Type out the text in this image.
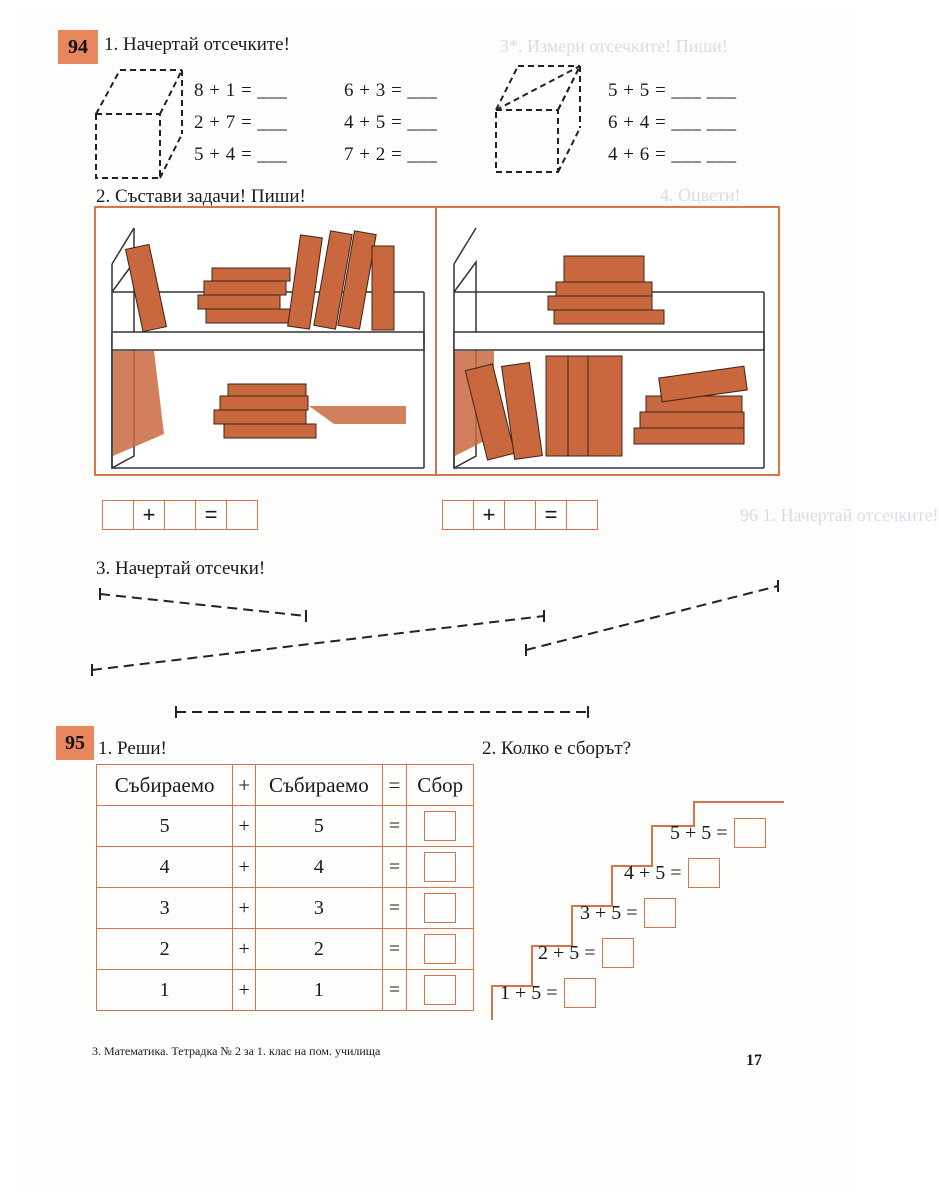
3*. Измери отсечките! Пиши!
4. Oцвети!
96 1. Начертай отсечките!
94 1. Начертай отсечките!
8 + 1 = ___
2 + 7 = ___
5 + 4 = ___
6 + 3 = ___
4 + 5 = ___
7 + 2 = ___
5 + 5 = ___ ___
6 + 4 = ___ ___
4 + 6 = ___ ___
2. Състави задачи! Пиши!
+	=	+	=
3. Начертай отсечки!
95 1. Реши!	2. Колко е сборът?
Събираемо	+	Събираемо	=	Сбор
5	+	5	=	
4	+	4	=	
3	+	3	=	
2	+	2	=	
1	+	1	=	
5 + 5 =
4 + 5 =
3 + 5 =
2 + 5 =
1 + 5 =
3. Математика. Тетрадка № 2 за 1. клас на пом. училища
17
